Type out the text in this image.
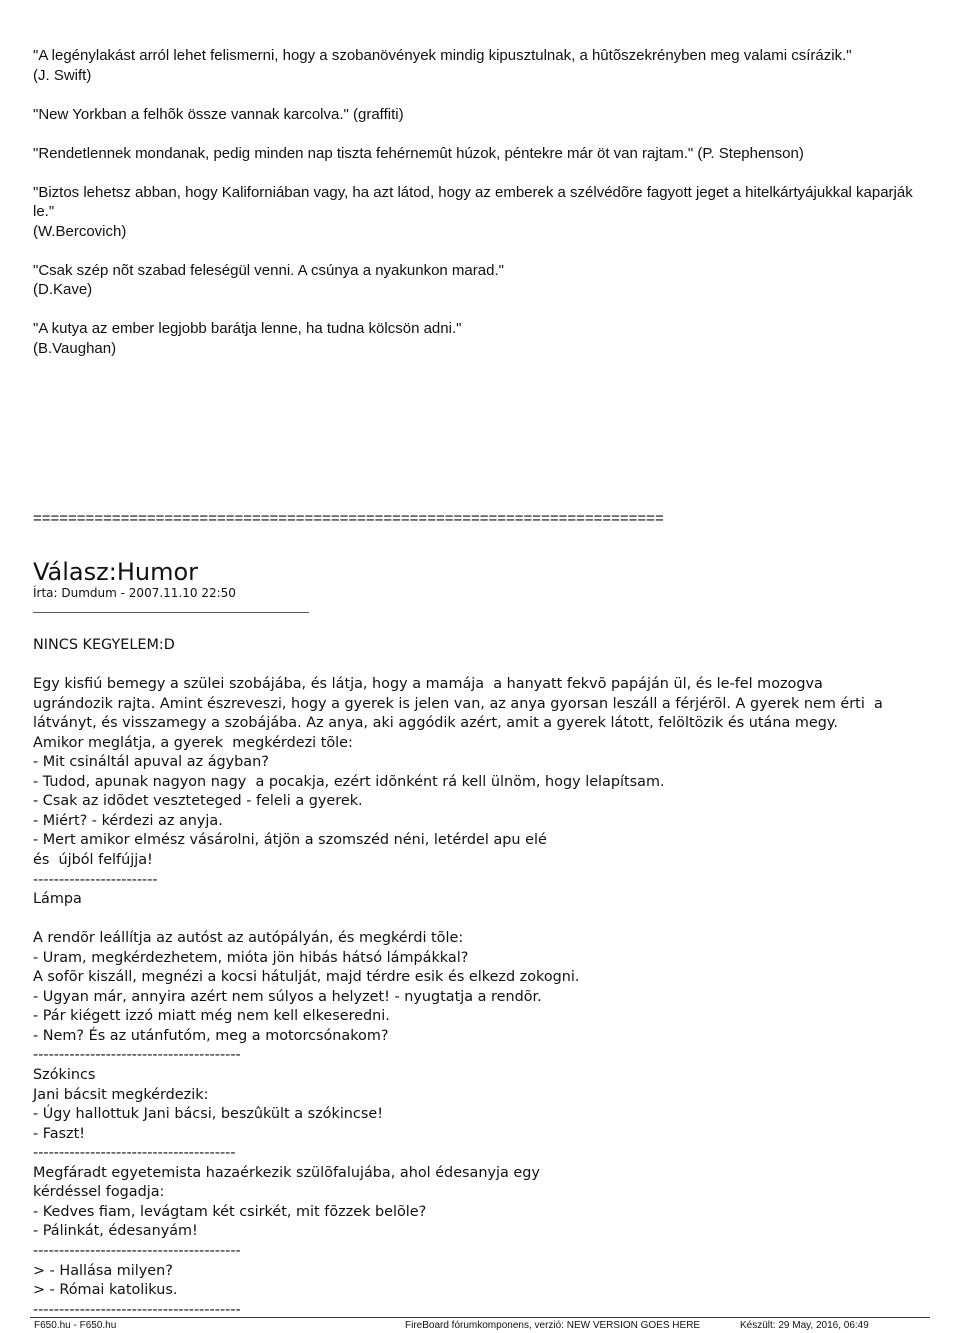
"A legénylakást arról lehet felismerni, hogy a szobanövények mindig kipusztulnak, a hûtõszekrényben meg valami csírázik."
(J. Swift)
"New Yorkban a felhõk össze vannak karcolva." (graffiti)
"Rendetlennek mondanak, pedig minden nap tiszta fehérnemût húzok, péntekre már öt van rajtam." (P. Stephenson)
"Biztos lehetsz abban, hogy Kaliforniában vagy, ha azt látod, hogy az emberek a szélvédõre fagyott jeget a hitelkártyájukkal kaparják le."
(W.Bercovich)
"Csak szép nõt szabad feleségül venni. A csúnya a nyakunkon marad."
(D.Kave)
"A kutya az ember legjobb barátja lenne, ha tudna kölcsön adni."
(B.Vaughan)
========================================================================
Válasz:Humor
Írta: Dumdum - 2007.11.10 22:50
NINCS KEGYELEM:D
Egy kisfiú bemegy a szülei szobájába, és látja, hogy a mamája  a hanyatt fekvõ papáján ül, és le-fel mozogva
ugrándozik rajta. Amint észreveszi, hogy a gyerek is jelen van, az anya gyorsan leszáll a férjérõl. A gyerek nem érti  a
látványt, és visszamegy a szobájába. Az anya, aki aggódik azért, amit a gyerek látott, felöltözik és utána megy.
Amikor meglátja, a gyerek  megkérdezi tõle:
- Mit csináltál apuval az ágyban?
- Tudod, apunak nagyon nagy  a pocakja, ezért idõnként rá kell ülnöm, hogy lelapítsam.
- Csak az idõdet veszteteged - feleli a gyerek.
- Miért? - kérdezi az anyja.
- Mert amikor elmész vásárolni, átjön a szomszéd néni, letérdel apu elé
és  újból felfújja!
------------------------
Lámpa
A rendõr leállítja az autóst az autópályán, és megkérdi tõle:
- Uram, megkérdezhetem, mióta jön hibás hátsó lámpákkal?
A sofõr kiszáll, megnézi a kocsi hátulját, majd térdre esik és elkezd zokogni.
- Ugyan már, annyira azért nem súlyos a helyzet! - nyugtatja a rendõr.
- Pár kiégett izzó miatt még nem kell elkeseredni.
- Nem? És az utánfutóm, meg a motorcsónakom?
----------------------------------------
Szókincs
Jani bácsit megkérdezik:
- Úgy hallottuk Jani bácsi, beszûkült a szókincse!
- Faszt!
---------------------------------------
Megfáradt egyetemista hazaérkezik szülõfalujába, ahol édesanyja egy
kérdéssel fogadja:
- Kedves fiam, levágtam két csirkét, mit fõzzek belõle?
- Pálinkát, édesanyám!
----------------------------------------
> - Hallása milyen?
> - Római katolikus.
----------------------------------------
F650.hu - F650.hu	FireBoard fórumkomponens, verzió: NEW VERSION GOES HERE	Készült: 29 May, 2016, 06:49
